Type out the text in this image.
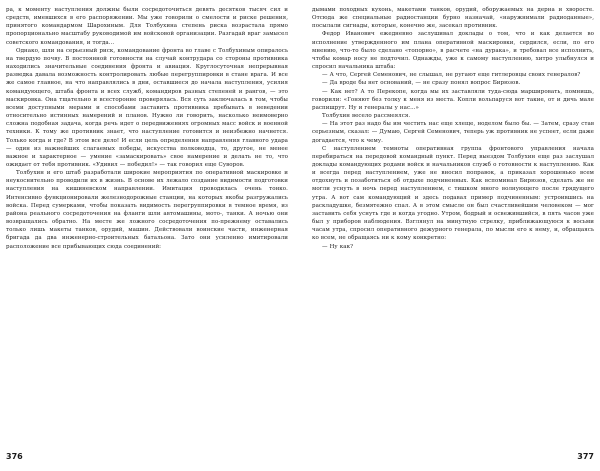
ра, к моменту наступления должны были сосредоточиться девять десятков тысяч сил и средств, имевшихся в его распоряжении. Мы уже говорили о смелости и риске решения, принятого командармом Шарохиным. Для Толбухина степень риска возрастала прямо пропорционально масштабу руководимой им войсковой организации. Разгадай враг замысел советского командования, и тогда...

Однако, шли на серьезный риск, командование фронта во главе с Толбухиным опиралось на твердую почву. В постоянной готовности на случай контрудара со стороны противника находились значительные соединения фронта и авиация. Круглосуточная непрерывная разведка давала возможность контролировать любые перегруппировки в стане врага. И все же самое главное, на что направлялись в дни, оставшиеся до начала наступления, усилия командующего, штаба фронта и всех служб, командиров разных степеней и рангов, — это маскировка. Она тщательно и всесторонне проверялась. Вся суть заключалась в том, чтобы всеми доступными мерами и способами заставить противника пребывать в неведении относительно истинных намерений и планов. Нужно ли говорить, насколько неимоверно сложна подобная задача, когда речь идет о передвижениях огромных масс войск и военной техники. К тому же противник знает, что наступление готовится и неизбежно начнется. Только когда и где? В этом все дело! И если цель определения направления главного удара — один из важнейших слагаемых победы, искусства полководца, то, другое, не менее важное и характерное — умение «замаскировать» свое намерение и делать не то, что ожидает от тебя противник. «Удивил — победил!» — так говорил еще Суворов.

Толбухин и его штаб разработали широкие мероприятия по оперативной маскировке и неукоснительно проводили их в жизнь. В основе их лежало создание видимости подготовки наступления на кишиневском направлении. Имитация проводилась очень тонко. Интенсивно функционировали железнодорожные станции, на которых якобы разгружались войска. Перед сумерками, чтобы показать видимость перегруппировки в темное время, из района реального сосредоточения на фланги шли автомашины, мото-, танки. А ночью они возвращались обратно. На месте же ложного сосредоточения по-прежнему оставались только лишь макеты танков, орудий, машин. Действовали воинские части, инженерная бригада да два инженерно-строительных батальона. Зато они усиленно имитировали расположение все прибывающих сюда соединений:

376

дымами походных кухонь, макетами танков, орудий, оборужаемых на дерна и хворосте. Отсюда же специальные радиостанции бурно назначай, «наружнимали радиоданные», посылали сигнады, которые, конечно же, засекал противник.

Федор Иванович ежедневно заслушивал доклады о том, что и как делается во исполнение утвержденного им плана оперативной маскировки, сердился, если, по его мнению, что-то было сделано «топорно», в расчете «на дурака», и требовал все исполнить, чтобы комар носу не подточил. Однажды, уже к самому наступлению, хитро улыбнулся и спросил начальника штаба:

— А что, Сергей Семенович, не слышал, не ругают еще гитлеровцы своих генералов?

— Да вроде бы нет оснований, — не сразу понял вопрос Бирюзов.

— Как нет? А то Перекопе, когда мы их заставляли туда-сюда маршировать, помнишь, говорили: «Гоняют без толку к меня из места. Копли вольпаруся вот такие, от и дичь мале распишрут. Ну и генералы у нас...»

Толбухин весело рассмеялся.

— На этот раз надо бы им честить нас еще хлеще, ноделом было бы. — Затем, сразу став серьезным, сказал: — Думаю, Сергей Семенович, теперь уж противник не успеет, если даже догадается, что к чему.

С наступлением темноты оперативная группа фронтового управления начала перебираться на передовой командный пункт. Перед выездом Толбухин еще раз заслушал доклады командующих родами войск и начальников служб о готовности к наступлению. Как и всегда перед наступлением, уже не вносил поправок, а приказал хорошенько всем отдохнуть и позаботиться об отдыхе подчиненных. Как вспоминал Бирюзов, сделать же не могли уснуть в ночь перед наступлением, с тишком много волнующего после грядущего утра. А вот сам командующий и здесь подавал пример подчиненным: устроившись на раскладушке, безмятежно спал. А в этом смысле он был счастливейшим человеком — мог заставить себя уснуть где и когда угодно. Утром, бодрый и освежившийся, в пять часов уже был у приборов наблюдения. Взглянул на минутную стрелку, приближающуюся к восьми часам утра, спросил оперативного дежурного генерала, по мысли его к нему, и, обращаясь ко всем, не обращаясь ни к кому конкретно:

— Ну как?

377
